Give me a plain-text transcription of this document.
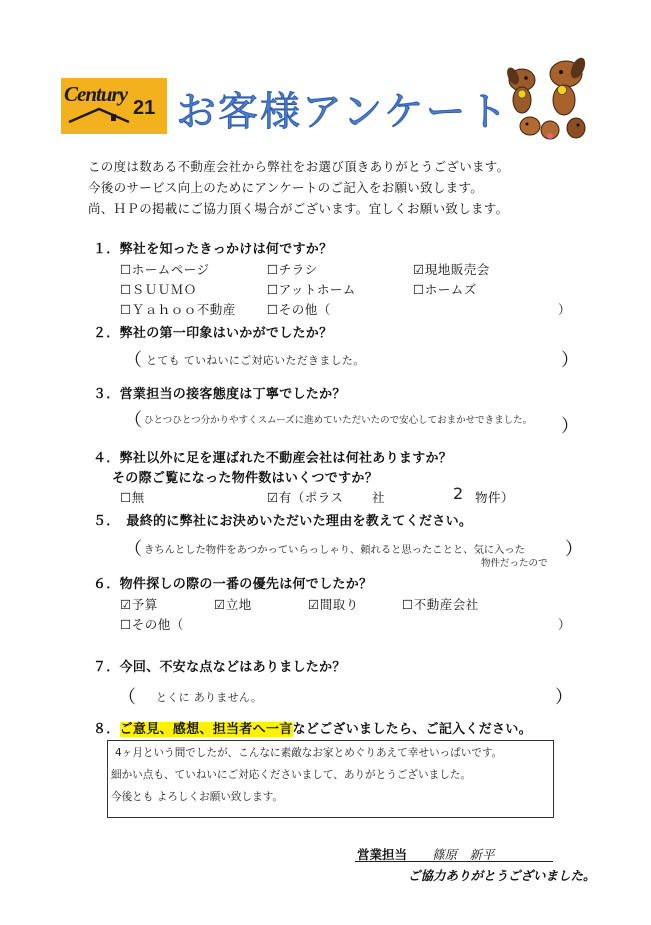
Century
21 お客様アンケート
この度は数ある不動産会社から弊社をお選び頂きありがとうございます。
今後のサービス向上のためにアンケートのご記入をお願い致します。
尚、ＨＰの掲載にご協力頂く場合がございます。宜しくお願い致します。
１．弊社を知ったきっかけは何ですか？
☐ホームページ	☐チラシ	☑現地販売会
☐ＳＵＵＭＯ	☐アットホーム	☐ホームズ
☐Ｙａｈｏｏ不動産	☐その他（	）
２．弊社の第一印象はいかがでしたか？
（ とても ていねいにご対応いただきました。	）
３．営業担当の接客態度は丁寧でしたか？
（ ひとつひとつ分かりやすくスムーズに進めていただいたので安心しておまかせできました。 ）
４．弊社以外に足を運ばれた不動産会社は何社ありますか？
その際ご覧になった物件数はいくつですか？
☐無	☑有（ポラス 社	2 物件）
５．　最終的に弊社にお決めいただいた理由を教えてください。
（ きちんとした物件をあつかっていらっしゃり、頼れると思ったことと、気に入った
物件だったので
）
６．物件探しの際の一番の優先は何でしたか？
☑予算	☑立地	☑間取り	☐不動産会社
☐その他（	）
７．今回、不安な点などはありましたか？
（ とくに ありません。	）
８．ご意見、感想、担当者へ一言などございましたら、ご記入ください。
4ヶ月という間でしたが、こんなに素敵なお家とめぐりあえて幸せいっぱいです。
細かい点も、ていねいにご対応くださいまして、ありがとうございました。
今後とも よろしくお願い致します。
営業担当 篠原　新平
ご協力ありがとうございました。
